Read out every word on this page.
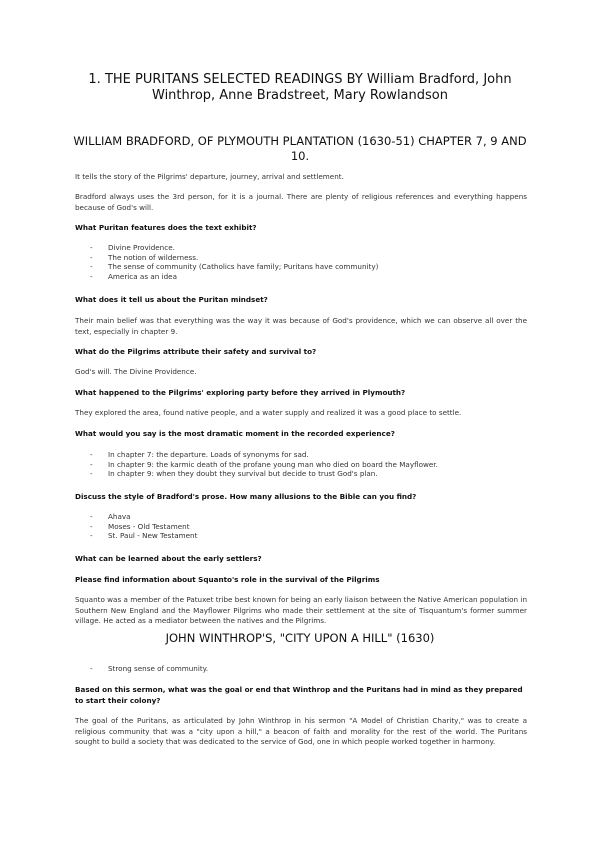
1. THE PURITANS SELECTED READINGS BY William Bradford, John Winthrop, Anne Bradstreet, Mary Rowlandson
WILLIAM BRADFORD, OF PLYMOUTH PLANTATION (1630-51) CHAPTER 7, 9 AND 10.
It tells the story of the Pilgrims' departure, journey, arrival and settlement.
Bradford always uses the 3rd person, for it is a journal. There are plenty of religious references and everything happens because of God's will.
What Puritan features does the text exhibit?
- Divine Providence.
- The notion of wilderness.
- The sense of community (Catholics have family; Puritans have community)
- America as an idea
What does it tell us about the Puritan mindset?
Their main belief was that everything was the way it was because of God's providence, which we can observe all over the text, especially in chapter 9.
What do the Pilgrims attribute their safety and survival to?
God's will. The Divine Providence.
What happened to the Pilgrims' exploring party before they arrived in Plymouth?
They explored the area, found native people, and a water supply and realized it was a good place to settle.
What would you say is the most dramatic moment in the recorded experience?
- In chapter 7: the departure. Loads of synonyms for sad.
- In chapter 9: the karmic death of the profane young man who died on board the Mayflower.
- In chapter 9: when they doubt they survival but decide to trust God's plan.
Discuss the style of Bradford's prose. How many allusions to the Bible can you find?
- Ahava
- Moses - Old Testament
- St. Paul - New Testament
What can be learned about the early settlers?
Please find information about Squanto's role in the survival of the Pilgrims
Squanto was a member of the Patuxet tribe best known for being an early liaison between the Native American population in Southern New England and the Mayflower Pilgrims who made their settlement at the site of Tisquantum's former summer village. He acted as a mediator between the natives and the Pilgrims.
JOHN WINTHROP'S, "CITY UPON A HILL" (1630)
- Strong sense of community.
Based on this sermon, what was the goal or end that Winthrop and the Puritans had in mind as they prepared to start their colony?
The goal of the Puritans, as articulated by John Winthrop in his sermon "A Model of Christian Charity," was to create a religious community that was a "city upon a hill," a beacon of faith and morality for the rest of the world. The Puritans sought to build a society that was dedicated to the service of God, one in which people worked together in harmony.
